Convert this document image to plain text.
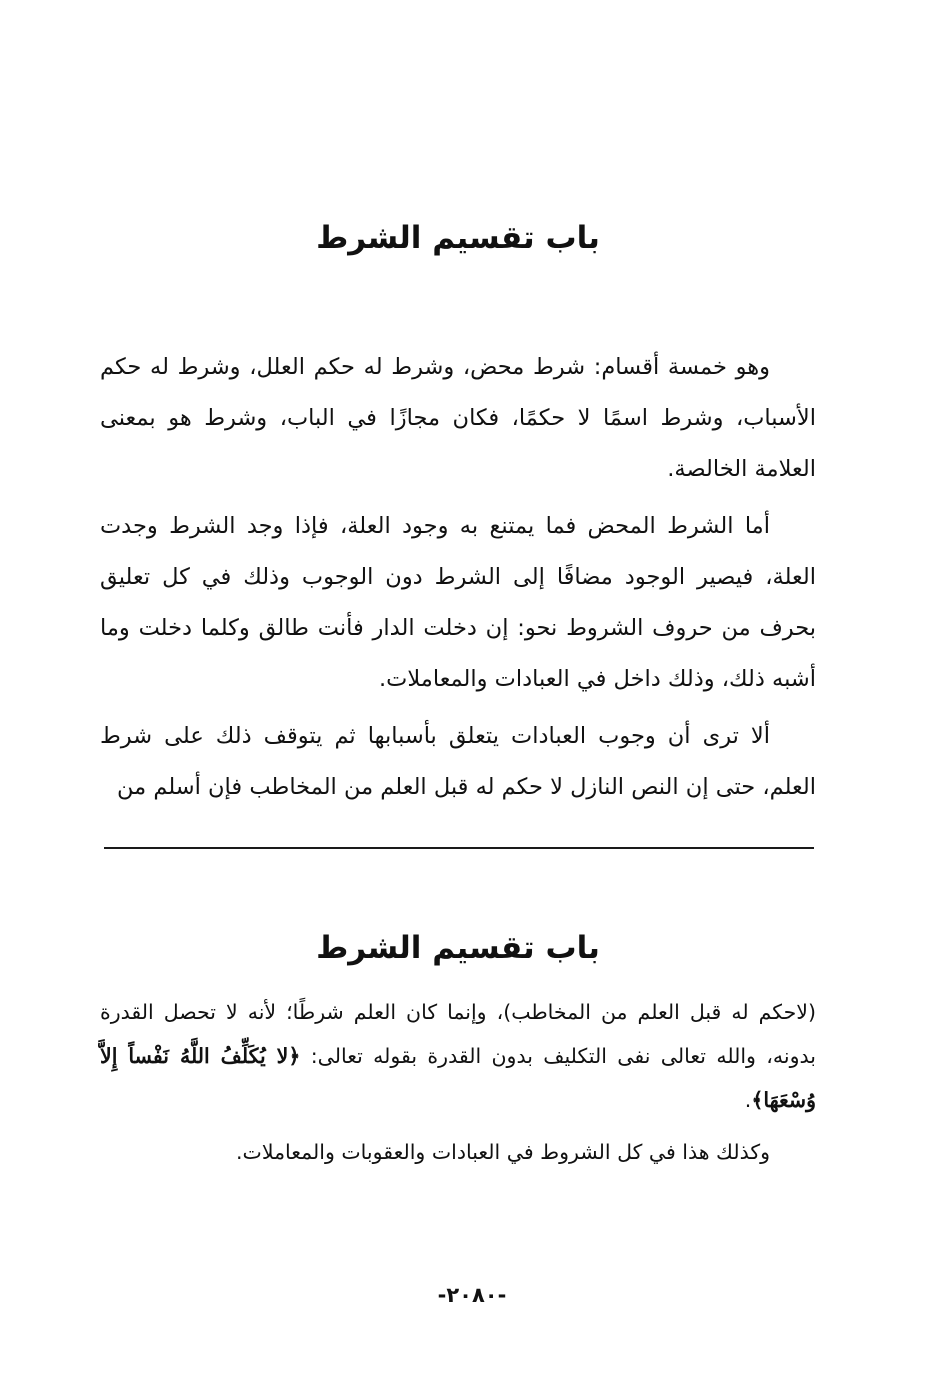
باب تقسيم الشرط

وهو خمسة أقسام: شرط محض، وشرط له حكم العلل، وشرط له حكم الأسباب، وشرط اسمًا لا حكمًا، فكان مجازًا في الباب، وشرط هو بمعنى العلامة الخالصة.

أما الشرط المحض فما يمتنع به وجود العلة، فإذا وجد الشرط وجدت العلة، فيصير الوجود مضافًا إلى الشرط دون الوجوب وذلك في كل تعليق بحرف من حروف الشروط نحو: إن دخلت الدار فأنت طالق وكلما دخلت وما أشبه ذلك، وذلك داخل في العبادات والمعاملات.

ألا ترى أن وجوب العبادات يتعلق بأسبابها ثم يتوقف ذلك على شرط العلم، حتى إن النص النازل لا حكم له قبل العلم من المخاطب فإن أسلم من

باب تقسيم الشرط

(لاحكم له قبل العلم من المخاطب)، وإنما كان العلم شرطًا؛ لأنه لا تحصل القدرة بدونه، والله تعالى نفى التكليف بدون القدرة بقوله تعالى: ﴿لا يُكَلِّفُ اللَّهُ نَفْساً إِلاَّ وُسْعَهَا﴾.

وكذلك هذا في كل الشروط في العبادات والعقوبات والمعاملات.

-٢٠٨٠-
